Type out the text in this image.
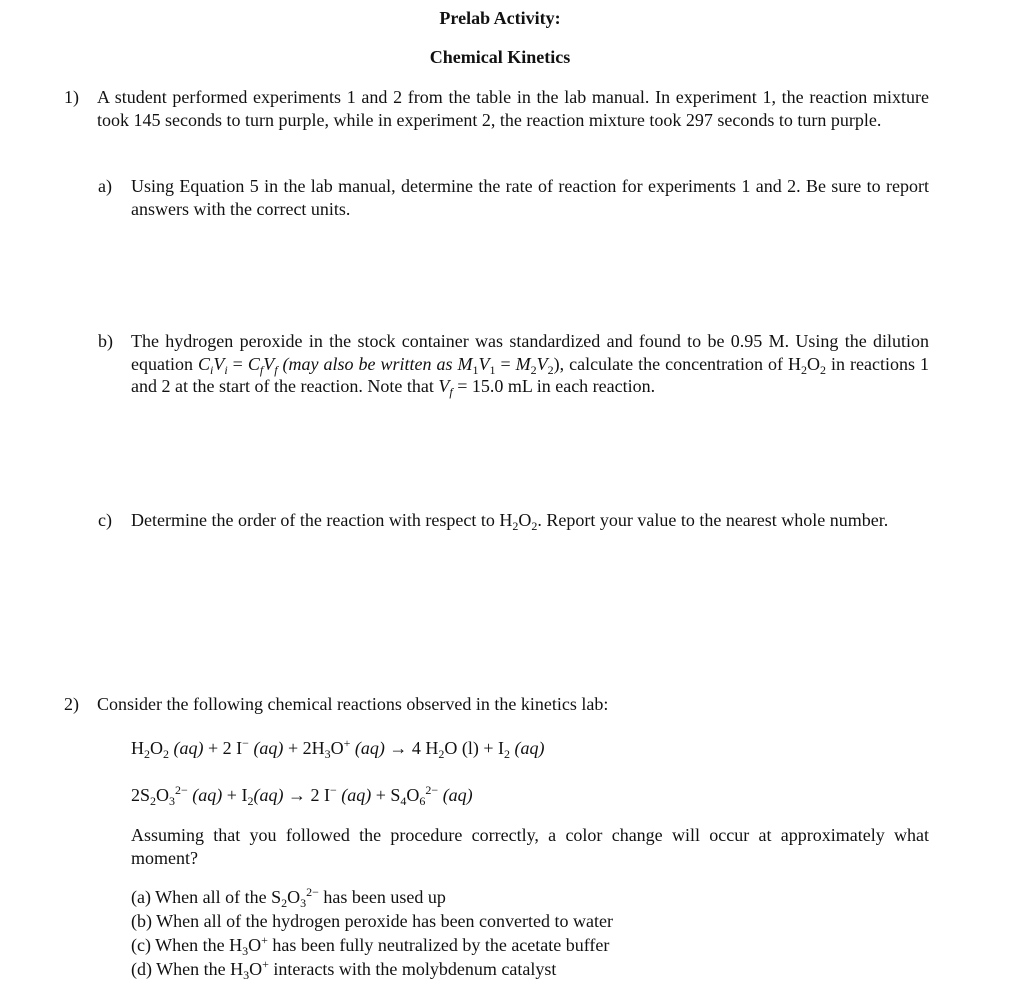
Prelab Activity:
Chemical Kinetics
1) A student performed experiments 1 and 2 from the table in the lab manual. In experiment 1, the reaction mixture took 145 seconds to turn purple, while in experiment 2, the reaction mixture took 297 seconds to turn purple.
a) Using Equation 5 in the lab manual, determine the rate of reaction for experiments 1 and 2. Be sure to report answers with the correct units.
b) The hydrogen peroxide in the stock container was standardized and found to be 0.95 M. Using the dilution equation $C_iV_i = C_fV_f$ (may also be written as $M_1V_1 = M_2V_2$), calculate the concentration of $H_2O_2$ in reactions 1 and 2 at the start of the reaction. Note that $V_f = 15.0$ mL in each reaction.
c) Determine the order of the reaction with respect to $H_2O_2$. Report your value to the nearest whole number.
2) Consider the following chemical reactions observed in the kinetics lab:
$H_2O_2$ (aq) + 2 I− $(aq) + 2H_3O^+$ (aq) → 4 $H_2O$ $(l) + I_2$ (aq)
$2S_2O_3^{2-}$ $(aq) + I_2(aq) \to 2$ I− $(aq) + S_4O_6^{2-}$ (aq)
Assuming that you followed the procedure correctly, a color change will occur at approximately what moment?
(a) When all of the $S_2O_3^{2-}$ has been used up
(b) When all of the hydrogen peroxide has been converted to water
(c) When the $H_3O^+$ has been fully neutralized by the acetate buffer
(d) When the $H_3O^+$ interacts with the molybdenum catalyst
